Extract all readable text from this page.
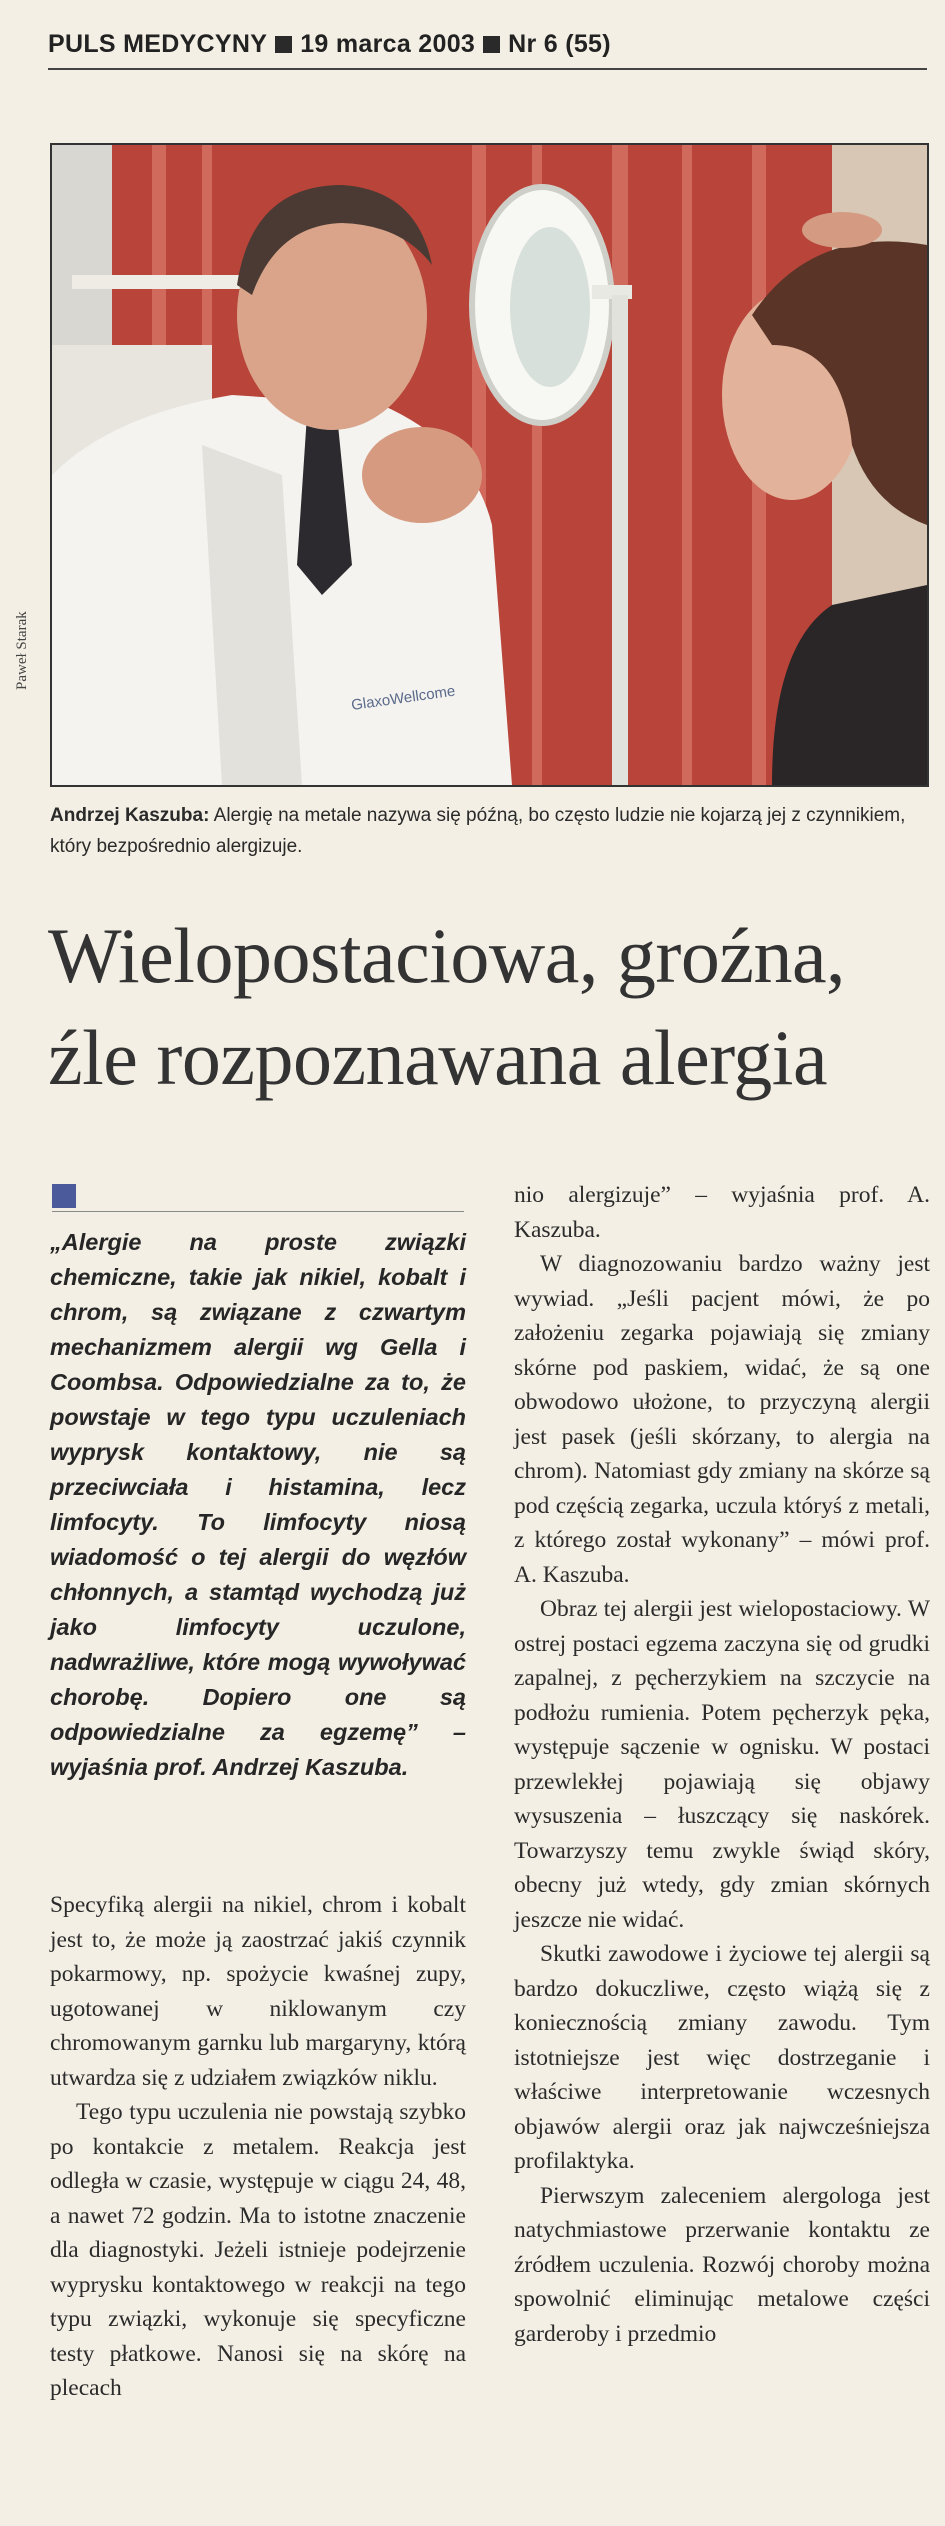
PULS MEDYCYNY 19 marca 2003 Nr 6 (55)
GlaxoWellcome
Paweł Starak
Andrzej Kaszuba: Alergię na metale nazywa się późną, bo często ludzie nie kojarzą jej z czynnikiem, który bezpośrednio alergizuje.
Wielopostaciowa, groźna,
źle rozpoznawana alergia
„Alergie na proste związki chemiczne, takie jak nikiel, kobalt i chrom, są związane z czwartym mechanizmem alergii wg Gella i Coombsa. Odpowiedzialne za to, że powstaje w tego typu uczuleniach wyprysk kontaktowy, nie są przeciwciała i histamina, lecz limfocyty. To limfocyty niosą wiadomość o tej alergii do węzłów chłonnych, a stamtąd wychodzą już jako limfocyty uczulone, nadwrażliwe, które mogą wywoływać chorobę. Dopiero one są odpowiedzialne za egzemę” – wyjaśnia prof. Andrzej Kaszuba.

Specyfiką alergii na nikiel, chrom i kobalt jest to, że może ją zaostrzać jakiś czynnik pokarmowy, np. spożycie kwaśnej zupy, ugotowanej w niklowanym czy chromowanym garnku lub margaryny, którą utwardza się z udziałem związków niklu.

Tego typu uczulenia nie powstają szybko po kontakcie z metalem. Reakcja jest odległa w czasie, występuje w ciągu 24, 48, a nawet 72 godzin. Ma to istotne znaczenie dla diagnostyki. Jeżeli istnieje podejrzenie wyprysku kontaktowego w reakcji na tego typu związki, wykonuje się specyficzne testy płatkowe. Nanosi się na skórę na plecach

nio alergizuje” – wyjaśnia prof. A. Kaszuba.

W diagnozowaniu bardzo ważny jest wywiad. „Jeśli pacjent mówi, że po założeniu zegarka pojawiają się zmiany skórne pod paskiem, widać, że są one obwodowo ułożone, to przyczyną alergii jest pasek (jeśli skórzany, to alergia na chrom). Natomiast gdy zmiany na skórze są pod częścią zegarka, uczula któryś z metali, z którego został wykonany” – mówi prof. A. Kaszuba.

Obraz tej alergii jest wielopostaciowy. W ostrej postaci egzema zaczyna się od grudki zapalnej, z pęcherzykiem na szczycie na podłożu rumienia. Potem pęcherzyk pęka, występuje sączenie w ognisku. W postaci przewlekłej pojawiają się objawy wysuszenia – łuszczący się naskórek. Towarzyszy temu zwykle świąd skóry, obecny już wtedy, gdy zmian skórnych jeszcze nie widać.

Skutki zawodowe i życiowe tej alergii są bardzo dokuczliwe, często wiążą się z koniecznością zmiany zawodu. Tym istotniejsze jest więc dostrzeganie i właściwe interpretowanie wczesnych objawów alergii oraz jak najwcześniejsza profilaktyka.

Pierwszym zaleceniem alergologa jest natychmiastowe przerwanie kontaktu ze źródłem uczulenia. Rozwój choroby można spowolnić eliminując metalowe części garderoby i przedmio
